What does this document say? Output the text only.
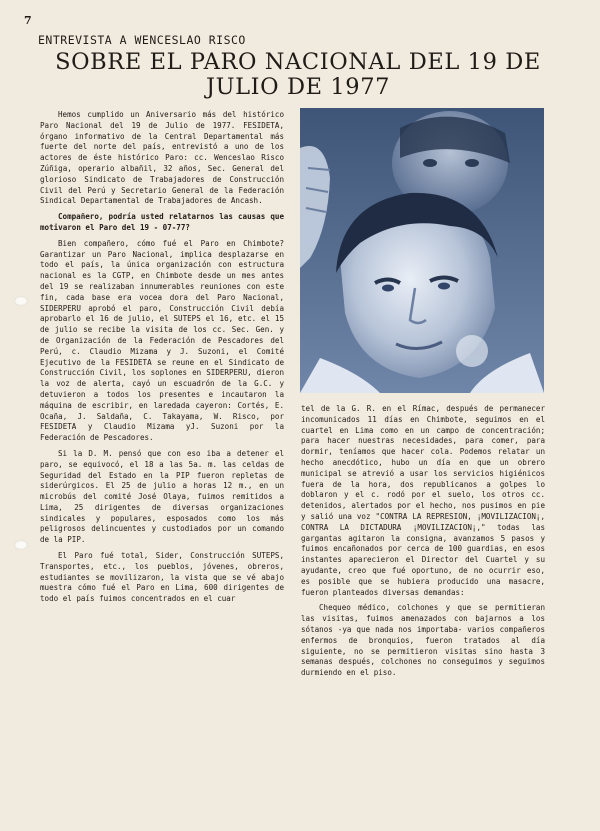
7
ENTREVISTA A WENCESLAO RISCO
SOBRE EL PARO NACIONAL DEL 19 DE
JULIO DE 1977

Hemos cumplido un Aniversario más del histórico Paro Nacional del 19 de Julio de 1977. FESIDETA, órgano informativo de la Central Departamental más fuerte del norte del país, entrevistó a uno de los actores de éste histórico Paro: cc. Wenceslao Risco Zúñiga, operario albañil, 32 años, Sec. General del glorioso Sindicato de Trabajadores de Construcción Civil del Perú y Secretario General de la Federación Sindical Departamental de Trabajadores de Ancash.

Compañero, podría usted relatarnos las causas que motivaron el Paro del 19 - 07-77?

Bien compañero, cómo fué el Paro en Chimbote? Garantizar un Paro Nacional, implica desplazarse en todo el país, la única organización con estructura nacional es la CGTP, en Chimbote desde un mes antes del 19 se realizaban innumerables reuniones con este fin, cada base era vocea dora del Paro Nacional, SIDERPERU aprobó el paro, Construcción Civil debía aprobarlo el 16 de julio, el SUTEPS el 16, etc. el 15 de julio se recibe la visita de los cc. Sec. Gen. y de Organización de la Federación de Pescadores del Perú, c. Claudio Mizama y J. Suzoni, el Comité Ejecutivo de la FESIDETA se reune en el Sindicato de Construcción Civil, los soplones en SIDERPERU, dieron la voz de alerta, cayó un escuadrón de la G.C. y detuvieron a todos los presentes e incautaron la máquina de escribir, en laredada cayeron: Cortés, E. Ocaña, J. Saldaña, C. Takayama, W. Risco, por FESIDETA y Claudio Mizama yJ. Suzoni por la Federación de Pescadores.

Si la D. M. pensó que con eso iba a detener el paro, se equivocó, el 18 a las 5a. m. las celdas de Seguridad del Estado en la PIP fueron repletas de siderúrgicos. El 25 de julio a horas 12 m., en un microbús del comité José Olaya, fuimos remitidos a Lima, 25 dirigentes de diversas organizaciones sindicales y populares, esposados como los más peligrosos delincuentes y custodiados por un comando de la PIP.

El Paro fué total, Sider, Construcción SUTEPS, Transportes, etc., los pueblos, jóvenes, obreros, estudiantes se movilizaron, la vista que se vé abajo muestra cómo fué el Paro en Lima, 600 dirigentes de todo el país fuimos concentrados en el cuar

tel de la G. R. en el Rímac, después de permanecer incomunicados 11 días en Chimbote, seguimos en el cuartel en Lima como en un campo de concentración; para hacer nuestras necesidades, para comer, para dormir, teníamos que hacer cola. Podemos relatar un hecho anecdótico, hubo un día en que un obrero municipal se atrevió a usar los servicios higiénicos fuera de la hora, dos republicanos a golpes lo doblaron y el c. rodó por el suelo, los otros cc. detenidos, alertados por el hecho, nos pusimos en pie y salió una voz "CONTRA LA REPRESION, ¡MOVILIZACION¡, CONTRA LA DICTADURA ¡MOVILIZACION¡," todas las gargantas agitaron la consigna, avanzamos 5 pasos y fuimos encañonados por cerca de 100 guardias, en esos instantes aparecieron el Director del Cuartel y su ayudante, creo que fué oportuno, de no ocurrir eso, es posible que se hubiera producido una masacre, fueron planteados diversas demandas:

Chequeo médico, colchones y que se permitieran las visitas, fuimos amenazados con bajarnos a los sótanos -ya que nada nos importaba- varios compañeros enfermos de bronquios, fueron tratados al día siguiente, no se permitieron visitas sino hasta 3 semanas después, colchones no conseguimos y seguimos durmiendo en el piso.
